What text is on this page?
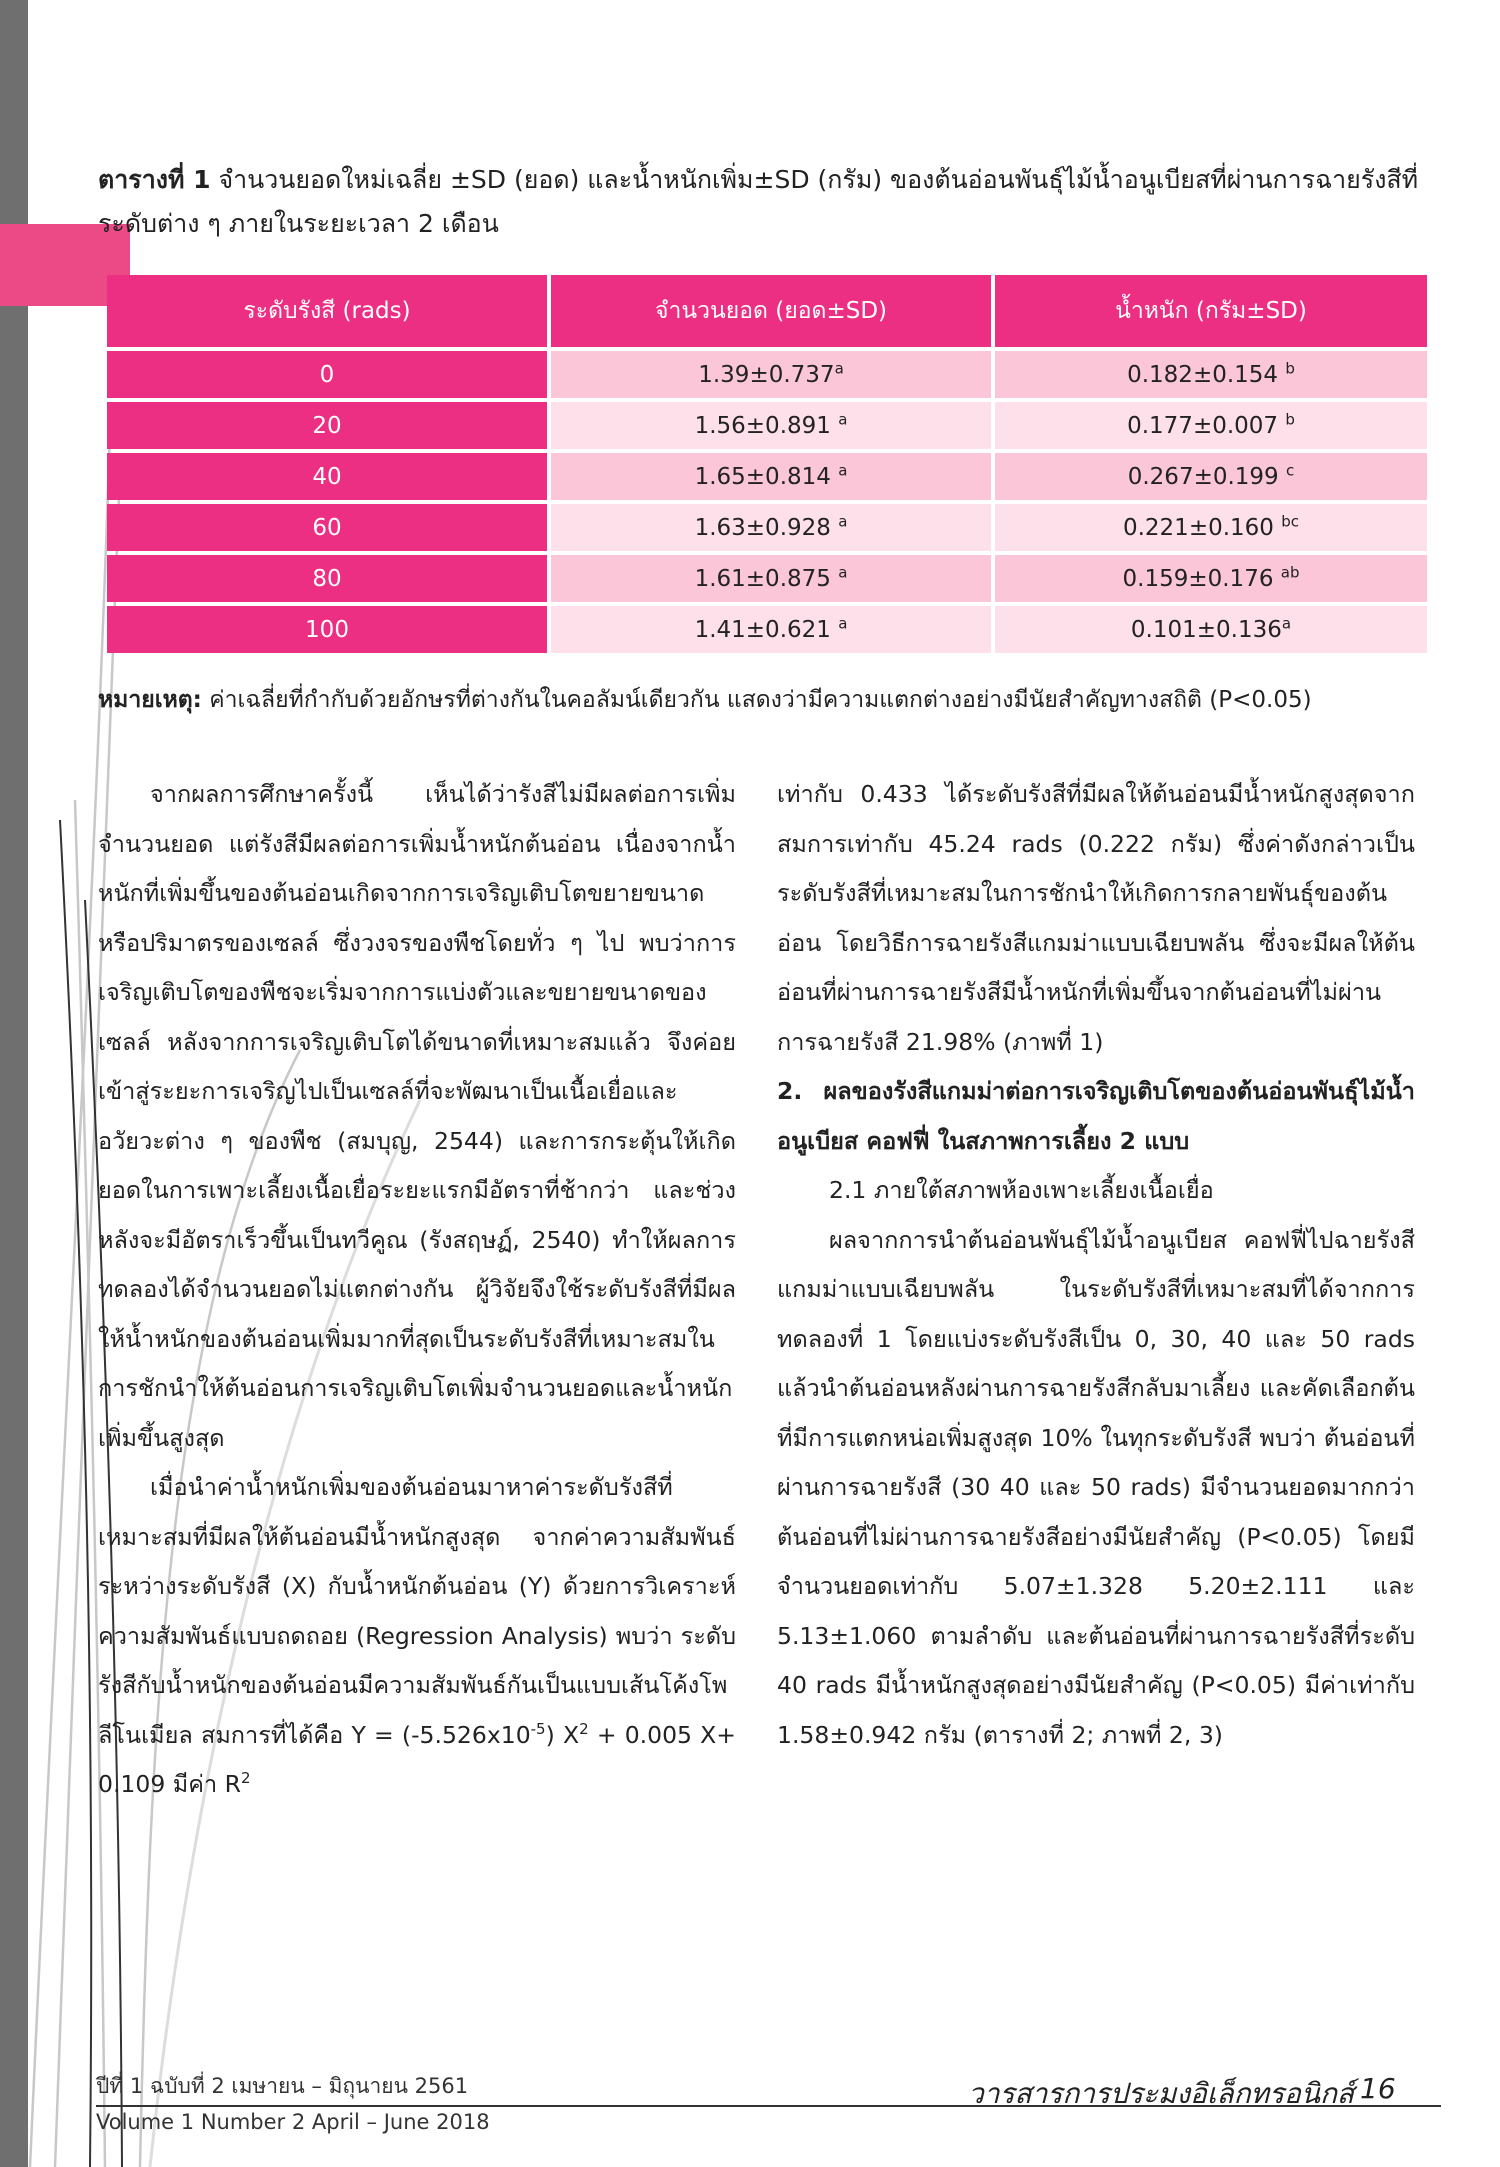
ตารางที่ 1 จำนวนยอดใหม่เฉลี่ย ±SD (ยอด) และน้ำหนักเพิ่ม±SD (กรัม) ของต้นอ่อนพันธุ์ไม้น้ำอนูเบียสที่ผ่านการฉายรังสีที่ระดับต่าง ๆ ภายในระยะเวลา 2 เดือน
ระดับรังสี (rads)	จำนวนยอด (ยอด±SD)	น้ำหนัก (กรัม±SD)
0	1.39±0.737$^a$	0.182±0.154 $^b$
20	1.56±0.891 $^a$	0.177±0.007 $^b$
40	1.65±0.814 $^a$	0.267±0.199 $^c$
60	1.63±0.928 $^a$	0.221±0.160 $^{bc}$
80	1.61±0.875 $^a$	0.159±0.176 $^{ab}$
100	1.41±0.621 $^a$	0.101±0.136$^a$
หมายเหตุ: ค่าเฉลี่ยที่กำกับด้วยอักษรที่ต่างกันในคอลัมน์เดียวกัน แสดงว่ามีความแตกต่างอย่างมีนัยสำคัญทางสถิติ (P<0.05)

จากผลการศึกษาครั้งนี้ เห็นได้ว่ารังสีไม่มีผลต่อการเพิ่มจำนวนยอด แต่รังสีมีผลต่อการเพิ่มน้ำหนักต้นอ่อน เนื่องจากน้ำหนักที่เพิ่มขึ้นของต้นอ่อนเกิดจากการเจริญเติบโตขยายขนาดหรือปริมาตรของเซลล์ ซึ่งวงจรของพืชโดยทั่ว ๆ ไป พบว่าการเจริญเติบโตของพืชจะเริ่มจากการแบ่งตัวและขยายขนาดของเซลล์ หลังจากการเจริญเติบโตได้ขนาดที่เหมาะสมแล้ว จึงค่อยเข้าสู่ระยะการเจริญไปเป็นเซลล์ที่จะพัฒนาเป็นเนื้อเยื่อและอวัยวะต่าง ๆ ของพืช (สมบุญ, 2544) และการกระตุ้นให้เกิดยอดในการเพาะเลี้ยงเนื้อเยื่อระยะแรกมีอัตราที่ช้ากว่า และช่วงหลังจะมีอัตราเร็วขึ้นเป็นทวีคูณ (รังสฤษฏ์, 2540) ทำให้ผลการทดลองได้จำนวนยอดไม่แตกต่างกัน ผู้วิจัยจึงใช้ระดับรังสีที่มีผลให้น้ำหนักของต้นอ่อนเพิ่มมากที่สุดเป็นระดับรังสีที่เหมาะสมในการชักนำให้ต้นอ่อนการเจริญเติบโตเพิ่มจำนวนยอดและน้ำหนักเพิ่มขึ้นสูงสุด

เมื่อนำค่าน้ำหนักเพิ่มของต้นอ่อนมาหาค่าระดับรังสีที่เหมาะสมที่มีผลให้ต้นอ่อนมีน้ำหนักสูงสุด จากค่าความสัมพันธ์ระหว่างระดับรังสี (X) กับน้ำหนักต้นอ่อน (Y) ด้วยการวิเคราะห์ความสัมพันธ์แบบถดถอย (Regression Analysis) พบว่า ระดับรังสีกับน้ำหนักของต้นอ่อนมีความสัมพันธ์กันเป็นแบบเส้นโค้งโพลีโนเมียล สมการที่ได้คือ $Y = (-5.526x10^{-5}) X^2 + 0.005$ X+ 0.109 มีค่า $R^2$

เท่ากับ 0.433 ได้ระดับรังสีที่มีผลให้ต้นอ่อนมีน้ำหนักสูงสุดจากสมการเท่ากับ 45.24 rads (0.222 กรัม) ซึ่งค่าดังกล่าวเป็นระดับรังสีที่เหมาะสมในการชักนำให้เกิดการกลายพันธุ์ของต้นอ่อน โดยวิธีการฉายรังสีแกมม่าแบบเฉียบพลัน ซึ่งจะมีผลให้ต้นอ่อนที่ผ่านการฉายรังสีมีน้ำหนักที่เพิ่มขึ้นจากต้นอ่อนที่ไม่ผ่านการฉายรังสี 21.98% (ภาพที่ 1)

2. ผลของรังสีแกมม่าต่อการเจริญเติบโตของต้นอ่อนพันธุ์ไม้น้ำอนูเบียส คอฟฟี่ ในสภาพการเลี้ยง 2 แบบ

2.1 ภายใต้สภาพห้องเพาะเลี้ยงเนื้อเยื่อ

ผลจากการนำต้นอ่อนพันธุ์ไม้น้ำอนูเบียส คอฟฟี่ไปฉายรังสีแกมม่าแบบเฉียบพลัน ในระดับรังสีที่เหมาะสมที่ได้จากการทดลองที่ 1 โดยแบ่งระดับรังสีเป็น 0, 30, 40 และ 50 rads แล้วนำต้นอ่อนหลังผ่านการฉายรังสีกลับมาเลี้ยง และคัดเลือกต้นที่มีการแตกหน่อเพิ่มสูงสุด 10% ในทุกระดับรังสี พบว่า ต้นอ่อนที่ผ่านการฉายรังสี (30 40 และ 50 rads) มีจำนวนยอดมากกว่าต้นอ่อนที่ไม่ผ่านการฉายรังสีอย่างมีนัยสำคัญ (P<0.05) โดยมีจำนวนยอดเท่ากับ 5.07±1.328 5.20±2.111 และ 5.13±1.060 ตามลำดับ และต้นอ่อนที่ผ่านการฉายรังสีที่ระดับ 40 rads มีน้ำหนักสูงสุดอย่างมีนัยสำคัญ (P<0.05) มีค่าเท่ากับ 1.58±0.942 กรัม (ตารางที่ 2; ภาพที่ 2, 3)

ปีที่ 1 ฉบับที่ 2 เมษายน – มิถุนายน 2561
Volume 1 Number 2 April – June 2018
วารสารการประมงอิเล็กทรอนิกส์ 16
